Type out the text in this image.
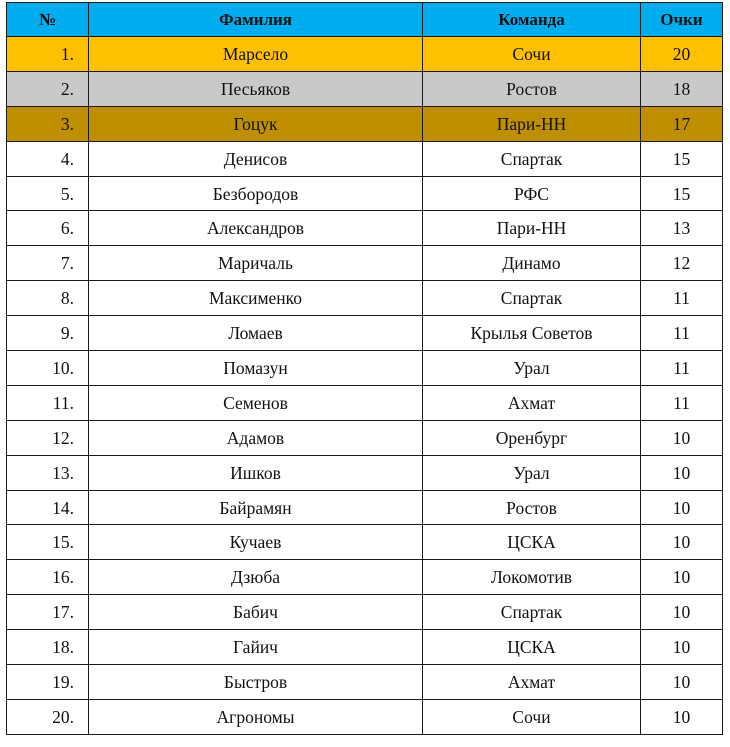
№	Фамилия	Команда	Очки
1.	Марсело	Сочи	20
2.	Песьяков	Ростов	18
3.	Гоцук	Пари-НН	17
4.	Денисов	Спартак	15
5.	Безбородов	РФС	15
6.	Александров	Пари-НН	13
7.	Маричаль	Динамо	12
8.	Максименко	Спартак	11
9.	Ломаев	Крылья Советов	11
10.	Помазун	Урал	11
11.	Семенов	Ахмат	11
12.	Адамов	Оренбург	10
13.	Ишков	Урал	10
14.	Байрамян	Ростов	10
15.	Кучаев	ЦСКА	10
16.	Дзюба	Локомотив	10
17.	Бабич	Спартак	10
18.	Гайич	ЦСКА	10
19.	Быстров	Ахмат	10
20.	Агрономы	Сочи	10
